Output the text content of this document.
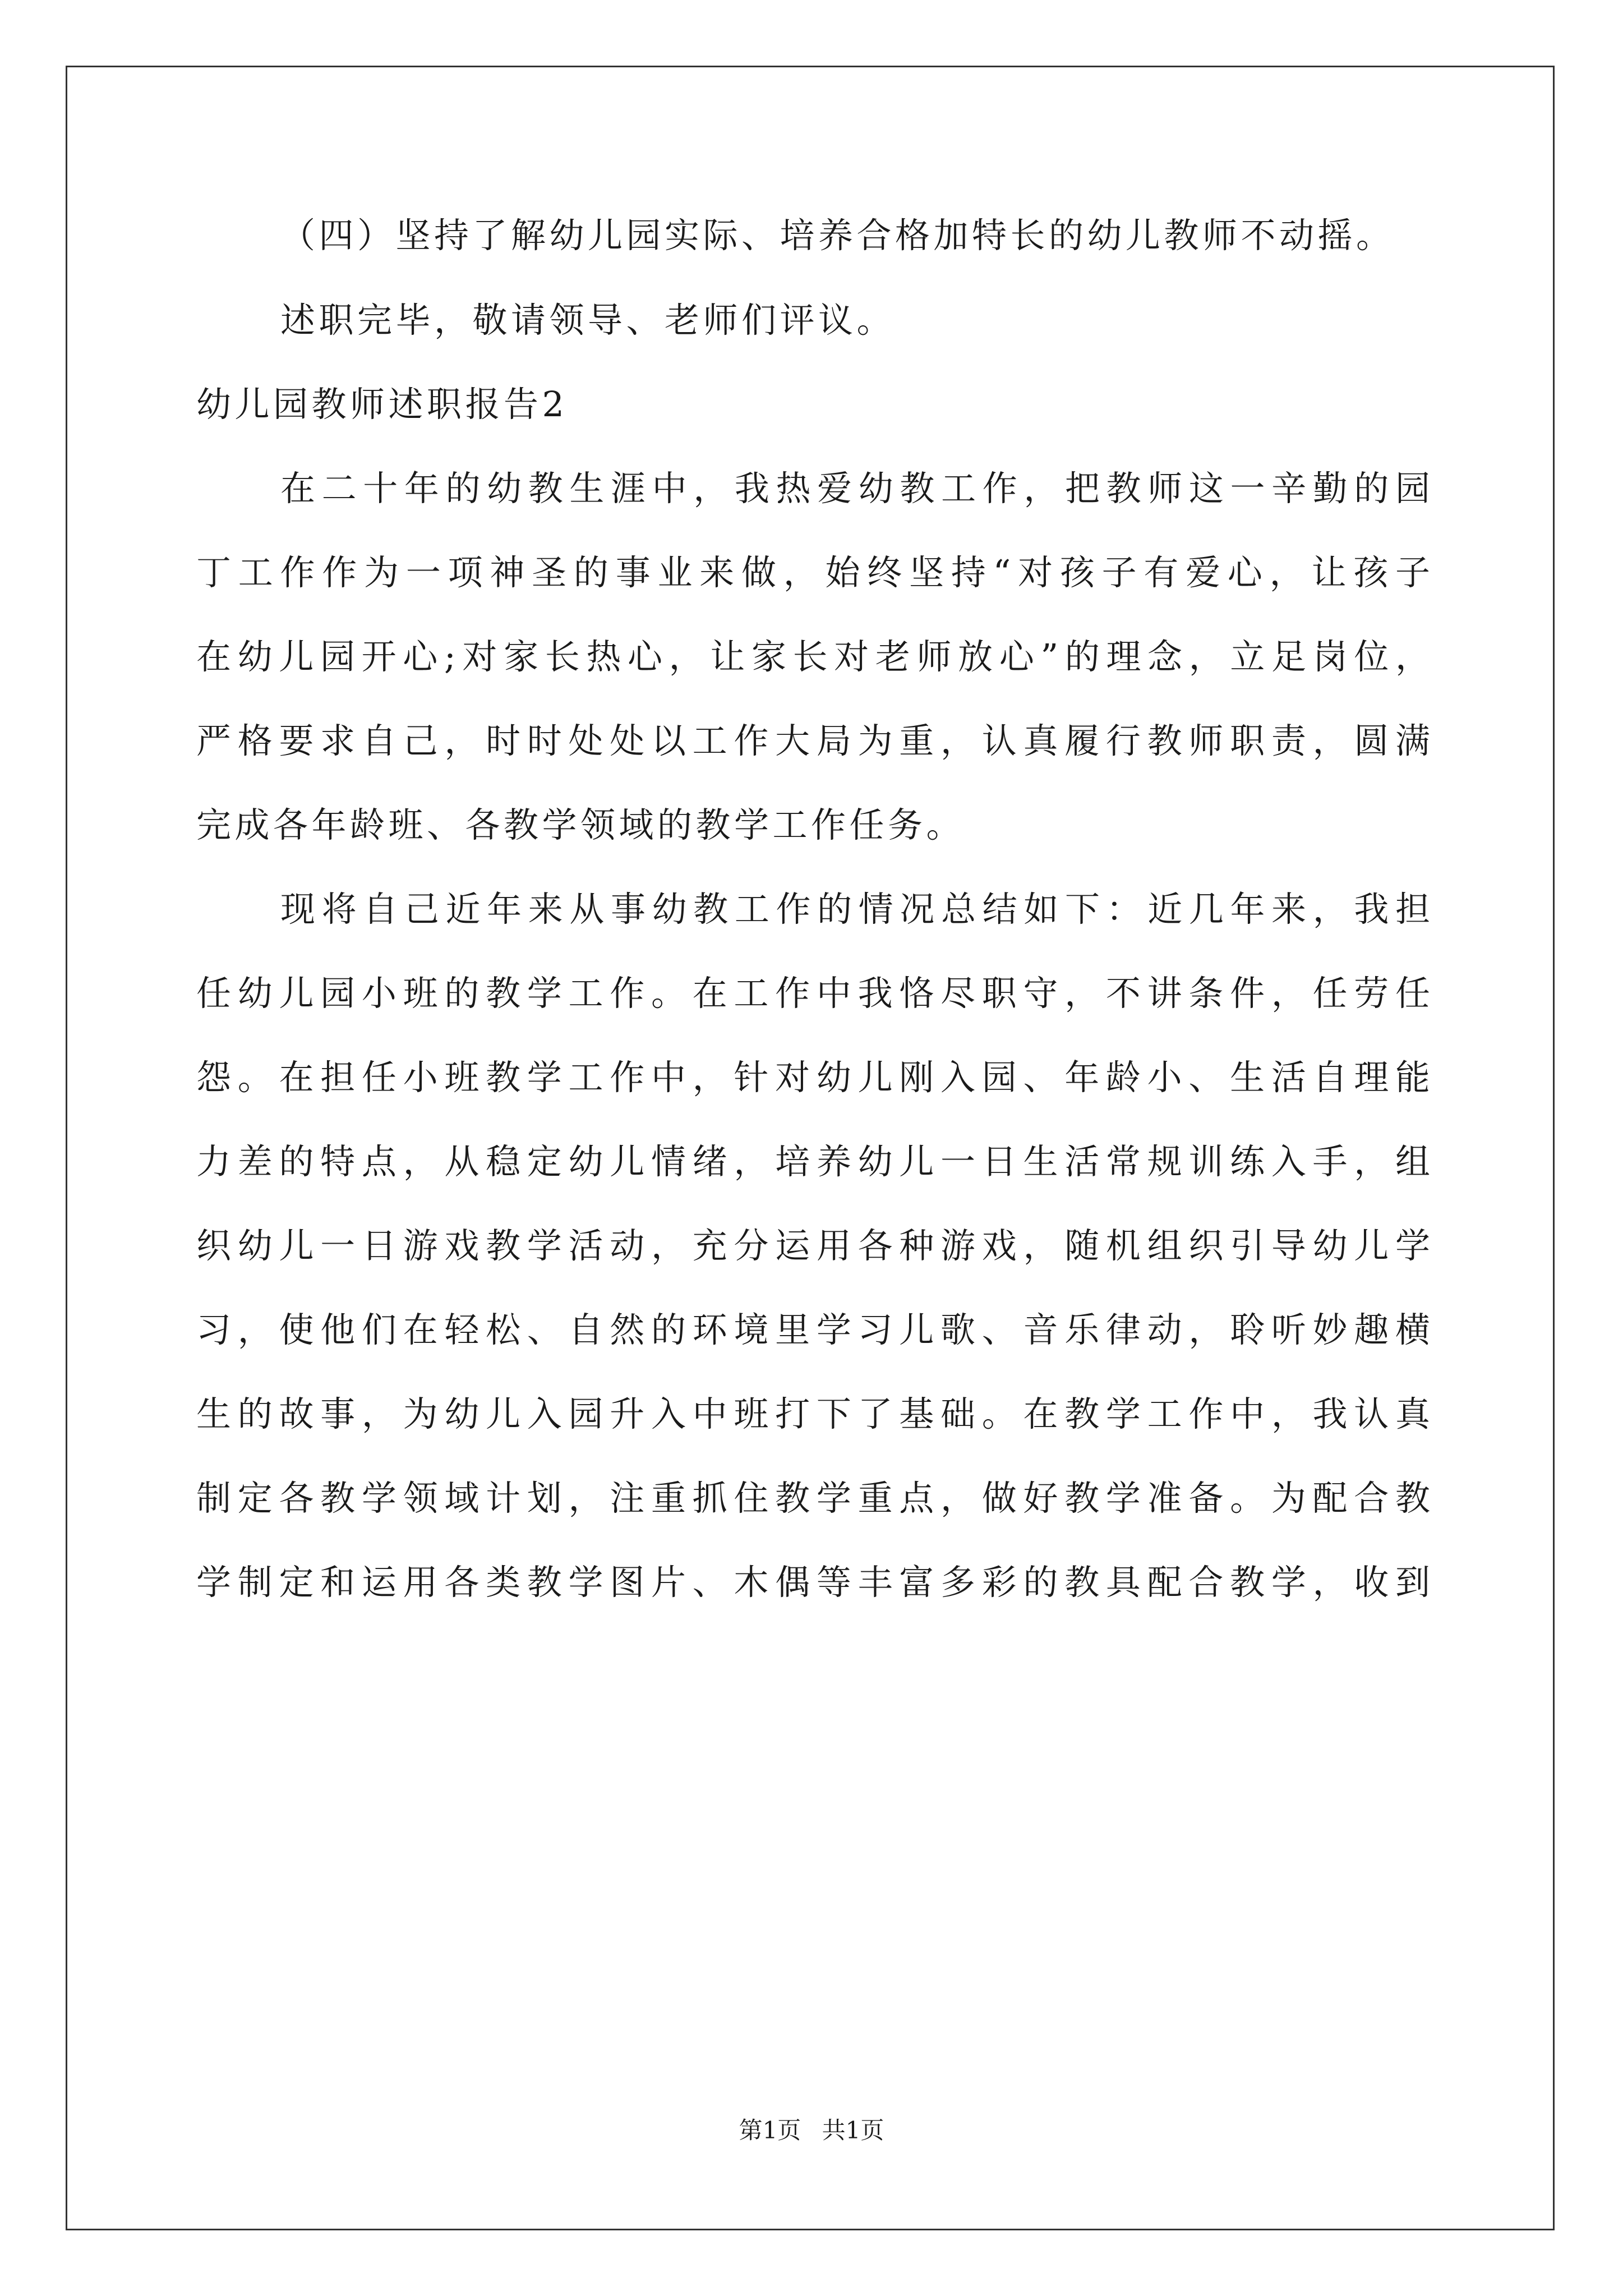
（四）坚持了解幼儿园实际、培养合格加特长的幼儿教师不动摇。
述职完毕，敬请领导、老师们评议。
幼儿园教师述职报告2
在二十年的幼教生涯中，我热爱幼教工作，把教师这一辛勤的园
丁工作作为一项神圣的事业来做，始终坚持“对孩子有爱心，让孩子
在幼儿园开心;对家长热心，让家长对老师放心”的理念，立足岗位，
严格要求自己，时时处处以工作大局为重，认真履行教师职责，圆满
完成各年龄班、各教学领域的教学工作任务。
现将自己近年来从事幼教工作的情况总结如下：近几年来，我担
任幼儿园小班的教学工作。在工作中我恪尽职守，不讲条件，任劳任
怨。在担任小班教学工作中，针对幼儿刚入园、年龄小、生活自理能
力差的特点，从稳定幼儿情绪，培养幼儿一日生活常规训练入手，组
织幼儿一日游戏教学活动，充分运用各种游戏，随机组织引导幼儿学
习，使他们在轻松、自然的环境里学习儿歌、音乐律动，聆听妙趣横
生的故事，为幼儿入园升入中班打下了基础。在教学工作中，我认真
制定各教学领域计划，注重抓住教学重点，做好教学准备。为配合教
学制定和运用各类教学图片、木偶等丰富多彩的教具配合教学，收到
第1页 共1页
